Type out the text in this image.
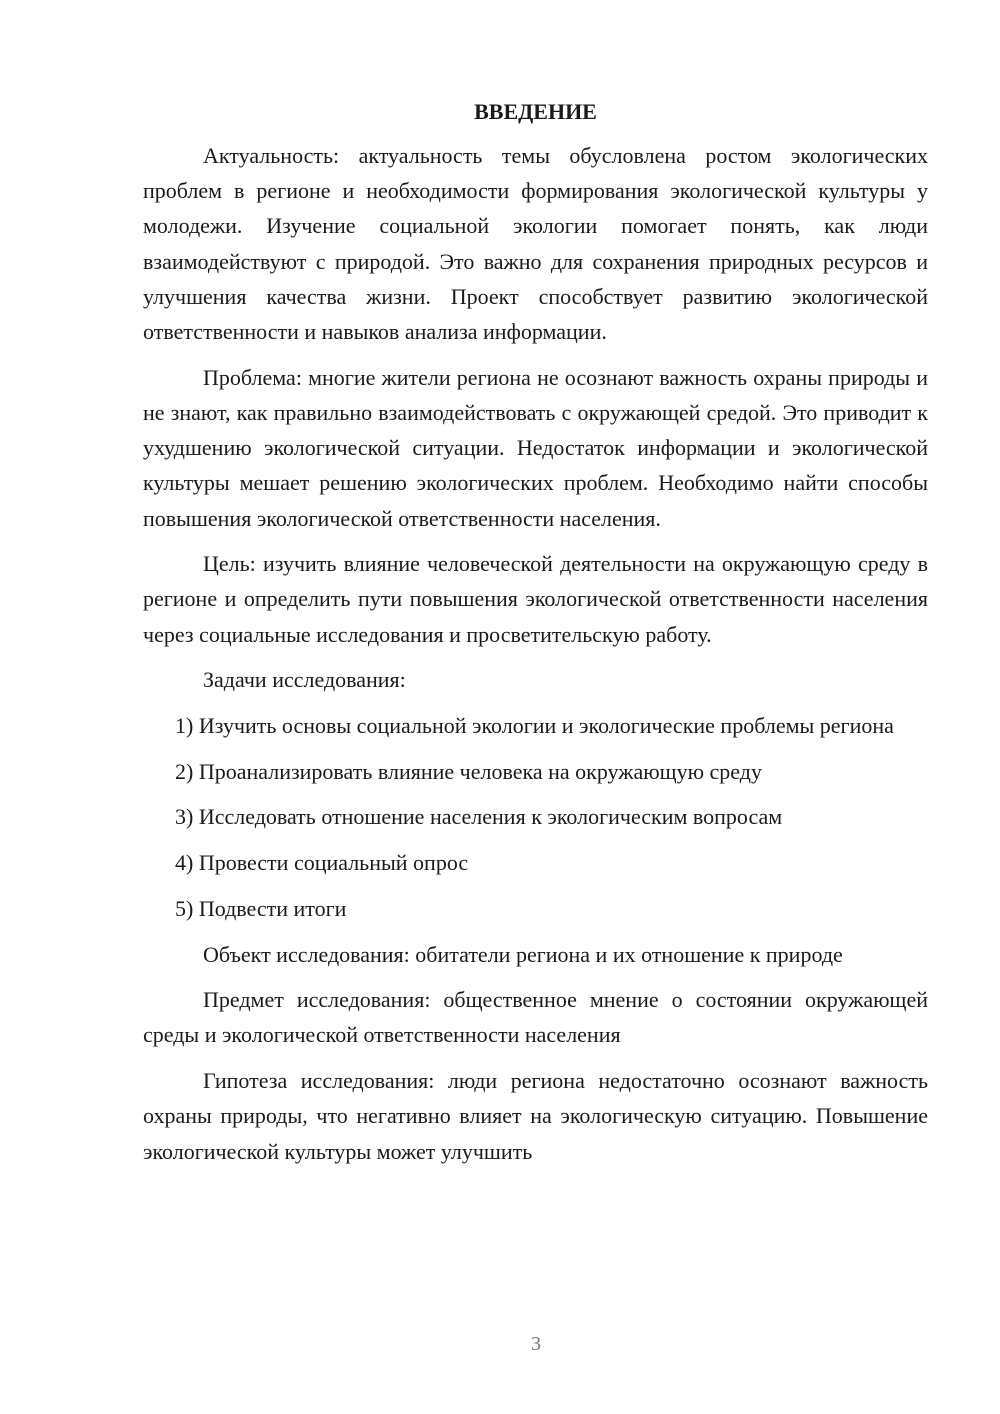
ВВЕДЕНИЕ

Актуальность: актуальность темы обусловлена ростом экологических проблем в регионе и необходимости формирования экологической культуры у молодежи. Изучение социальной экологии помогает понять, как люди взаимодействуют с природой. Это важно для сохранения природных ресурсов и улучшения качества жизни. Проект способствует развитию экологической ответственности и навыков анализа информации.

Проблема: многие жители региона не осознают важность охраны природы и не знают, как правильно взаимодействовать с окружающей средой. Это приводит к ухудшению экологической ситуации. Недостаток информации и экологической культуры мешает решению экологических проблем. Необходимо найти способы повышения экологической ответственности населения.

Цель: изучить влияние человеческой деятельности на окружающую среду в регионе и определить пути повышения экологической ответственности населения через социальные исследования и просветительскую работу.

Задачи исследования:

1) Изучить основы социальной экологии и экологические проблемы региона

2) Проанализировать влияние человека на окружающую среду

3) Исследовать отношение населения к экологическим вопросам

4) Провести социальный опрос

5) Подвести итоги

Объект исследования: обитатели региона и их отношение к природе

Предмет исследования: общественное мнение о состоянии окружающей среды и экологической ответственности населения

Гипотеза исследования: люди региона недостаточно осознают важность охраны природы, что негативно влияет на экологическую ситуацию. Повышение экологической культуры может улучшить

3
